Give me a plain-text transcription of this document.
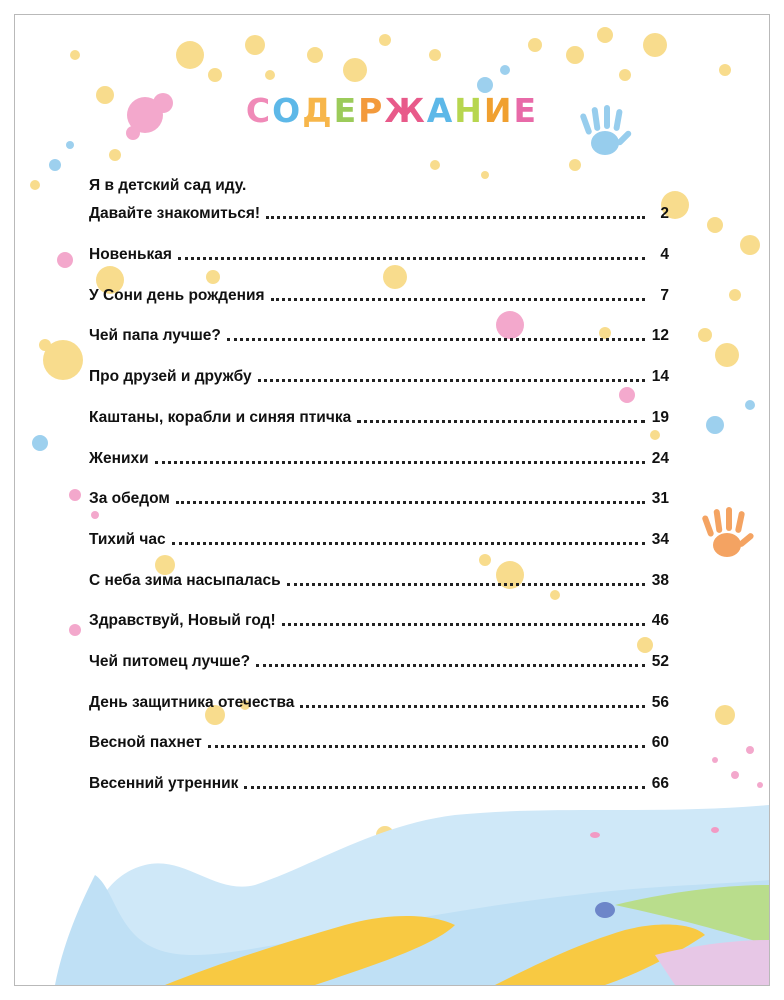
СОДЕРЖАНИЕ
Я в детский сад иду.
Давайте знакомиться!	2
Новенькая	4
У Сони день рождения	7
Чей папа лучше?	12
Про друзей и дружбу	14
Каштаны, корабли и синяя птичка	19
Женихи	24
За обедом	31
Тихий час	34
С неба зима насыпалась	38
Здравствуй, Новый год!	46
Чей питомец лучше?	52
День защитника отечества	56
Весной пахнет	60
Весенний утренник	66
